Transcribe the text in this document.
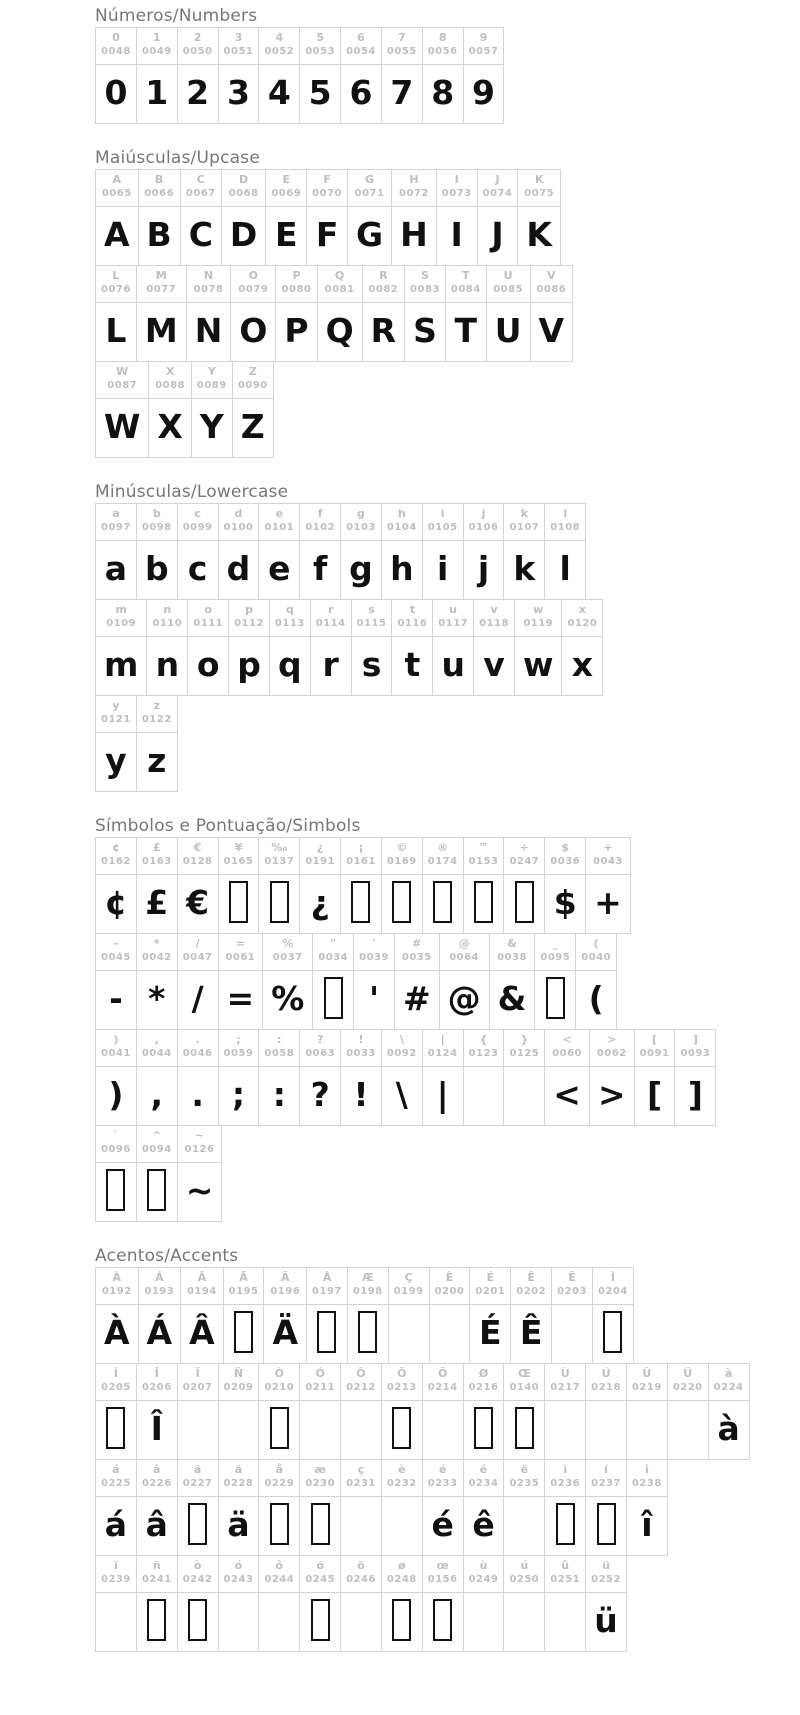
Números/Numbers
0
0048
0
1
0049
1
2
0050
2
3
0051
3
4
0052
4
5
0053
5
6
0054
6
7
0055
7
8
0056
8
9
0057
9
Maiúsculas/Upcase
A
0065
A
B
0066
B
C
0067
C
D
0068
D
E
0069
E
F
0070
F
G
0071
G
H
0072
H
I
0073
I
J
0074
J
K
0075
K
L
0076
L
M
0077
M
N
0078
N
O
0079
O
P
0080
P
Q
0081
Q
R
0082
R
S
0083
S
T
0084
T
U
0085
U
V
0086
V
W
0087
W
X
0088
X
Y
0089
Y
Z
0090
Z
Minúsculas/Lowercase
a
0097
a
b
0098
b
c
0099
c
d
0100
d
e
0101
e
f
0102
f
g
0103
g
h
0104
h
i
0105
i
j
0106
j
k
0107
k
l
0108
l
m
0109
m
n
0110
n
o
0111
o
p
0112
p
q
0113
q
r
0114
r
s
0115
s
t
0116
t
u
0117
u
v
0118
v
w
0119
w
x
0120
x
y
0121
y
z
0122
z
Símbolos e Pontuação/Simbols
¢
0162
¢
£
0163
£
€
0128
€
¥
0165
‰
0137
¿
0191
¿
¡
0161
©
0169
®
0174
™
0153
÷
0247
$
0036
$
+
0043
+
-
0045
-
*
0042
*
/
0047
/
=
0061
=
%
0037
%
"
0034
'
0039
'
#
0035
#
@
0064
@
&
0038
&
_
0095
(
0040
(
)
0041
)
,
0044
,
.
0046
.
;
0059
;
:
0058
:
?
0063
?
!
0033
!
\
0092
\
|
0124
|
{
0123
}
0125
<
0060
<
>
0062
>
[
0091
[
]
0093
]
`
0096
^
0094
~
0126
~
Acentos/Accents
À
0192
À
Á
0193
Á
Â
0194
Â
Ã
0195
Ä
0196
Ä
Å
0197
Æ
0198
Ç
0199
È
0200
É
0201
É
Ê
0202
Ê
Ë
0203
Ì
0204
Í
0205
Î
0206
Î
Ï
0207
Ñ
0209
Ò
0210
Ó
0211
Ô
0212
Õ
0213
Ö
0214
Ø
0216
Œ
0140
Ù
0217
Ú
0218
Û
0219
Ü
0220
à
0224
à
á
0225
á
â
0226
â
ã
0227
ä
0228
ä
å
0229
æ
0230
ç
0231
è
0232
é
0233
é
ê
0234
ê
ë
0235
ì
0236
í
0237
î
0238
î
ï
0239
ñ
0241
ò
0242
ó
0243
ô
0244
õ
0245
ö
0246
ø
0248
œ
0156
ù
0249
ú
0250
û
0251
ü
0252
ü
